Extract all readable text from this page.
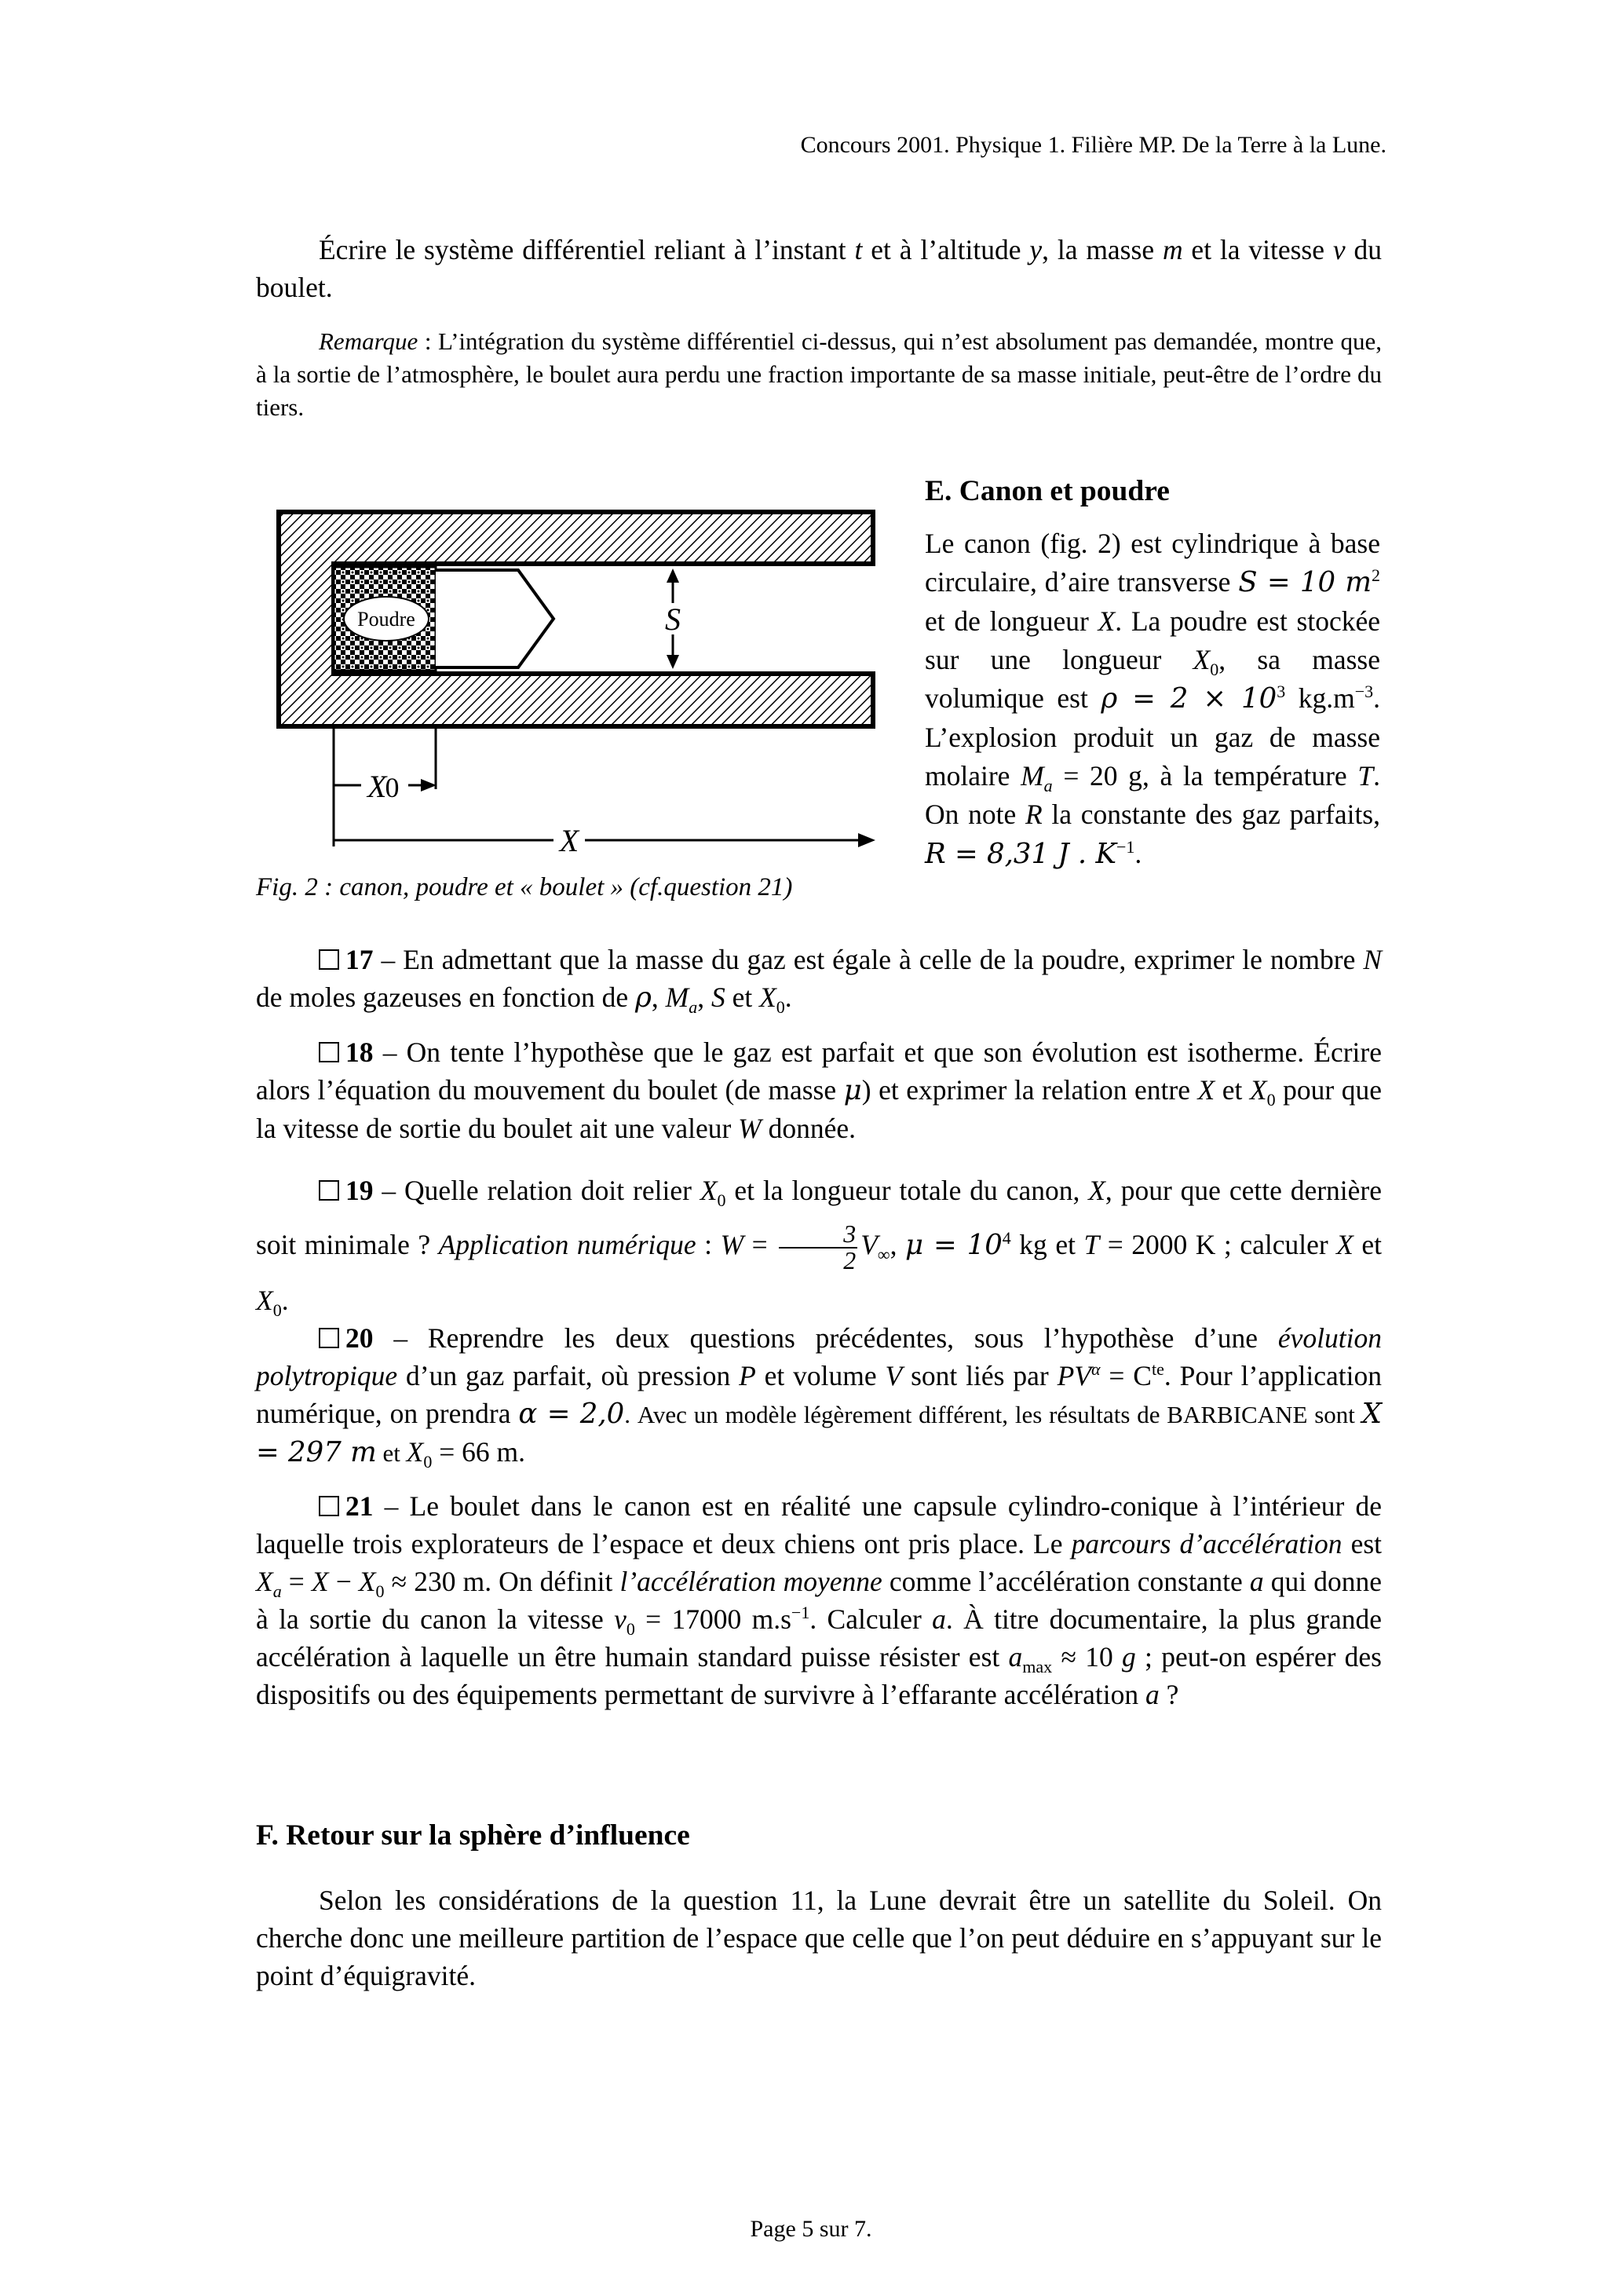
Concours 2001. Physique 1. Filière MP. De la Terre à la Lune.

Écrire le système différentiel reliant à l’instant t et à l’altitude y, la masse m et la vitesse v du boulet.

Remarque : L’intégration du système différentiel ci-dessus, qui n’est absolument pas demandée, montre que, à la sortie de l’atmosphère, le boulet aura perdu une fraction importante de sa masse initiale, peut-être de l’ordre du tiers.

Poudre	S
X0
X
Fig. 2 : canon, poudre et « boulet » (cf.question 21)
E. Canon et poudre

Le canon (fig. 2) est cylindrique à base circulaire, d’aire transverse S = 10 $m^2$ et de longueur X. La poudre est stockée sur une longueur $X_0$, sa masse volumique est $\rho = 2 \times 10^3$ $kg.m^{-3}$. L’explosion produit un gaz de masse molaire $M_a = 20$ g, à la température T. On note R la constante des gaz parfaits, R = 8,31 J . $K^{-1}$.

17 – En admettant que la masse du gaz est égale à celle de la poudre, exprimer le nombre N de moles gazeuses en fonction de ρ, $M_a$, S et $X_0$.

18 – On tente l’hypothèse que le gaz est parfait et que son évolution est isotherme. Écrire alors l’équation du mouvement du boulet (de masse μ) et exprimer la relation entre X et $X_0$ pour que la vitesse de sortie du boulet ait une valeur W donnée.

19 – Quelle relation doit relier $X_0$ et la longueur totale du canon, X, pour que cette dernière soit minimale ? Application numérique : $W = \frac{3}{2} V_\infty$, $\mu = 10^4$ kg et T = 2000 K ; calculer X et $X_0$.

20 – Reprendre les deux questions précédentes, sous l’hypothèse d’une évolution polytropique d’un gaz parfait, où pression P et volume V sont liés par $PV^\alpha = C^{te}$. Pour l’application numérique, on prendra α = 2,0. Avec un modèle légèrement différent, les résultats de BARBICANE sont X = 297 m et $X_0 = 66$ m.

21 – Le boulet dans le canon est en réalité une capsule cylindro-conique à l’intérieur de laquelle trois explorateurs de l’espace et deux chiens ont pris place. Le parcours d’accélération est $X_a = X - X_0 \approx 230$ m. On définit l’accélération moyenne comme l’accélération constante a qui donne à la sortie du canon la vitesse $v_0 = 17000$ $m.s^{-1}$. Calculer a. À titre documentaire, la plus grande accélération à laquelle un être humain standard puisse résister est $a_{max} \approx 10$ g ; peut-on espérer des dispositifs ou des équipements permettant de survivre à l’effarante accélération a ?

F. Retour sur la sphère d’influence

Selon les considérations de la question 11, la Lune devrait être un satellite du Soleil. On cherche donc une meilleure partition de l’espace que celle que l’on peut déduire en s’appuyant sur le point d’équigravité.

Page 5 sur 7.
